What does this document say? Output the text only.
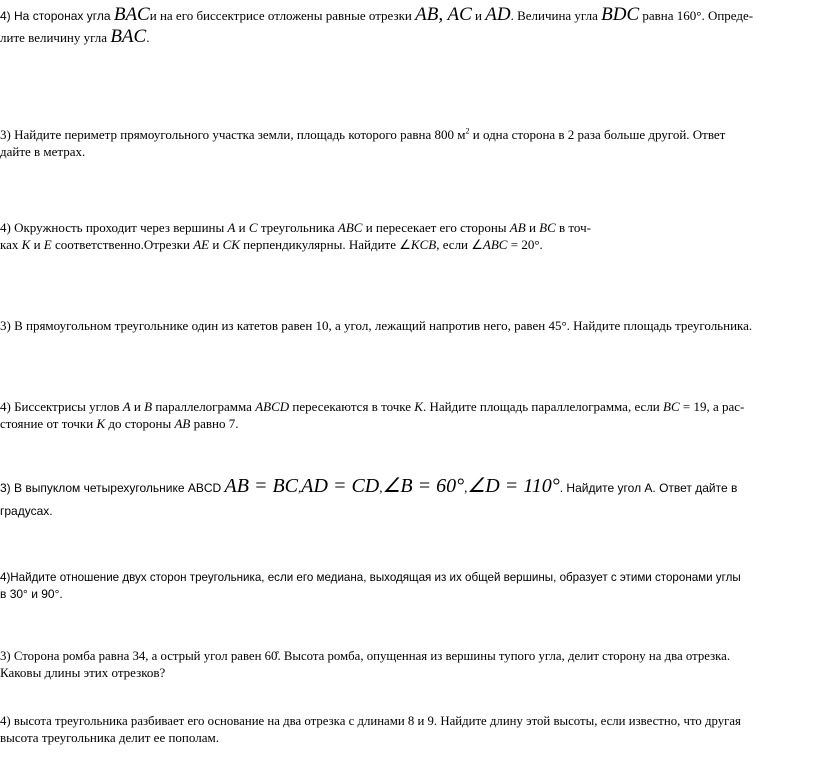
4) На сторонах угла BACи на его биссектрисе отложены равные отрезки AB, AC и AD. Величина угла BDC равна 160°. Опреде-
лите величину угла BAC.
3) Найдите периметр прямоугольного участка земли, площадь которого равна 800 $м^2$ и одна сторона в 2 раза больше другой. Ответ
дайте в метрах.
4) Окружность проходит через вершины A и C треугольника ABC и пересекает его стороны AB и BC в точ-
ках K и E соответственно.Отрезки AE и CK перпендикулярны. Найдите ∠KCB, если ∠ABC = 20°.
3) В прямоугольном треугольнике один из катетов равен 10, а угол, лежащий напротив него, равен 45°. Найдите площадь треугольника.
4) Биссектрисы углов A и B параллелограмма ABCD пересекаются в точке K. Найдите площадь параллелограмма, если BC = 19, а рас-
стояние от точки K до стороны AB равно 7.
3) В выпуклом четырехугольнике ABCD AB = BC,AD = CD,∠B = 60°,∠D = 110°. Найдите угол A. Ответ дайте в
градусах.
4)Найдите отношение двух сторон треугольника, если его медиана, выходящая из их общей вершины, образует с этими сторонами углы
в 30° и 90°.
3) Сторона ромба равна 34, а острый угол равен 60̊. Высота ромба, опущенная из вершины тупого угла, делит сторону на два отрезка.
Каковы длины этих отрезков?
4) высота треугольника разбивает его основание на два отрезка с длинами 8 и 9. Найдите длину этой высоты, если известно, что другая
высота треугольника делит ее пополам.
